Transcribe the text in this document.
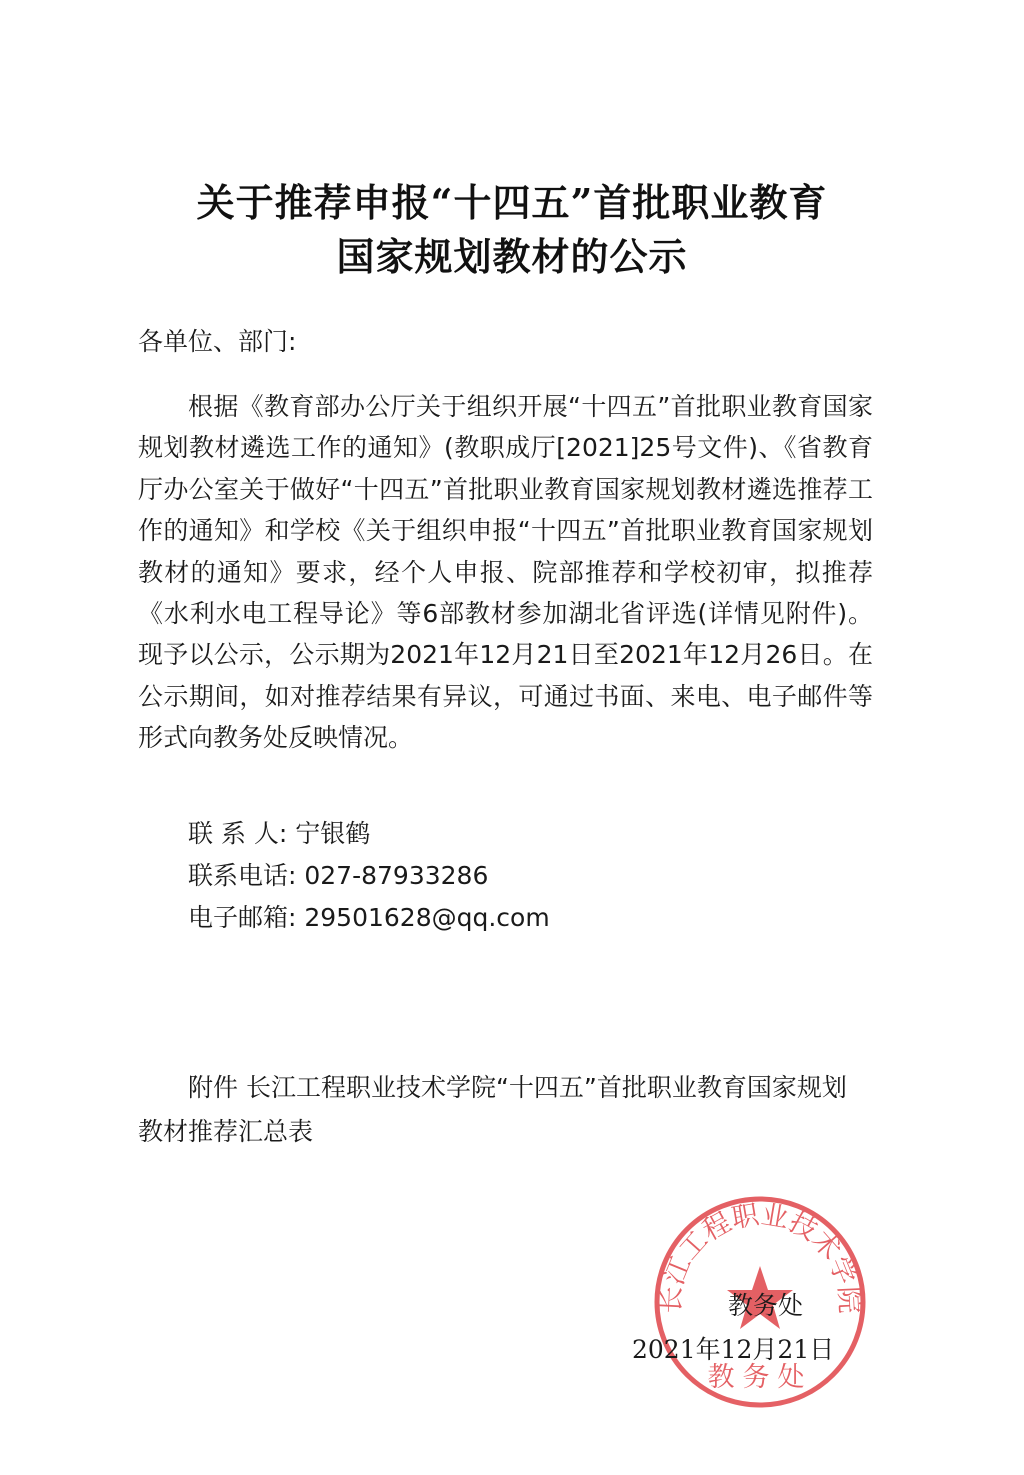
关于推荐申报“十四五”首批职业教育
国家规划教材的公示
各单位、部门:

根据《教育部办公厅关于组织开展“十四五”首批职业教育国家规划教材遴选工作的通知》(教职成厅[2021]25号文件)、《省教育厅办公室关于做好“十四五”首批职业教育国家规划教材遴选推荐工作的通知》和学校《关于组织申报“十四五”首批职业教育国家规划教材的通知》要求，经个人申报、院部推荐和学校初审，拟推荐《水利水电工程导论》等6部教材参加湖北省评选(详情见附件)。现予以公示，公示期为2021年12月21日至2021年12月26日。在公示期间，如对推荐结果有异议，可通过书面、来电、电子邮件等形式向教务处反映情况。

联 系 人: 宁银鹤
联系电话: 027-87933286
电子邮箱: 29501628@qq.com

附件 长江工程职业技术学院“十四五”首批职业教育国家规划教材推荐汇总表

长江工程职业技术学院
教务处
教务处
2021年12月21日
